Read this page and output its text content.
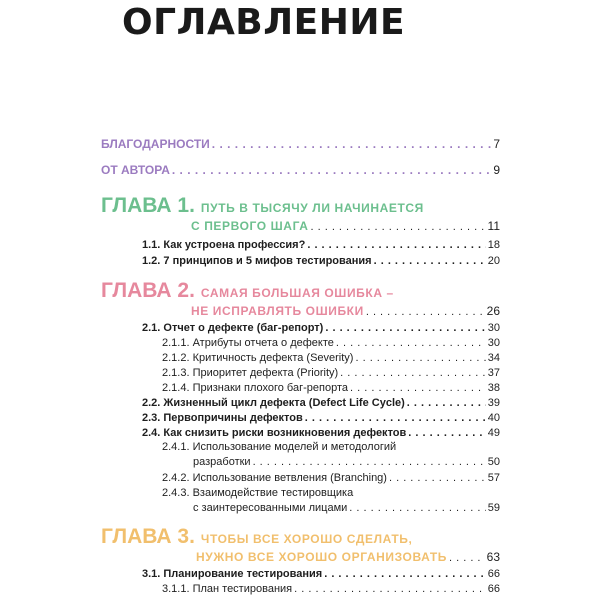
ОГЛАВЛЕНИЕ
БЛАГОДАРНОСТИ . . .	7
ОТ АВТОРА . . .	9
ГЛАВА 1. ПУТЬ В ТЫСЯЧУ ЛИ НАЧИНАЕТСЯ
С ПЕРВОГО ШАГА . . .	11
1.1. Как устроена профессия? . . .	18
1.2. 7 принципов и 5 мифов тестирования . . .	20
ГЛАВА 2. САМАЯ БОЛЬШАЯ ОШИБКА –
НЕ ИСПРАВЛЯТЬ ОШИБКИ . . .	26
2.1. Отчет о дефекте (баг-репорт) . . .	30
2.1.1. Атрибуты отчета о дефекте . . .	30
2.1.2. Критичность дефекта (Severity) . . .	34
2.1.3. Приоритет дефекта (Priority) . . .	37
2.1.4. Признаки плохого баг-репорта . . .	38
2.2. Жизненный цикл дефекта (Defect Life Cycle) . . .	39
2.3. Первопричины дефектов . . .	40
2.4. Как снизить риски возникновения дефектов . . .	49
2.4.1. Использование моделей и методологий
разработки . . .	50
2.4.2. Использование ветвления (Branching) . . .	57
2.4.3. Взаимодействие тестировщика
с заинтересованными лицами . . .	59
ГЛАВА 3. ЧТОБЫ ВСЕ ХОРОШО СДЕЛАТЬ,
НУЖНО ВСЕ ХОРОШО ОРГАНИЗОВАТЬ . . .	63
3.1. Планирование тестирования . . .	66
3.1.1. План тестирования . . .	66
